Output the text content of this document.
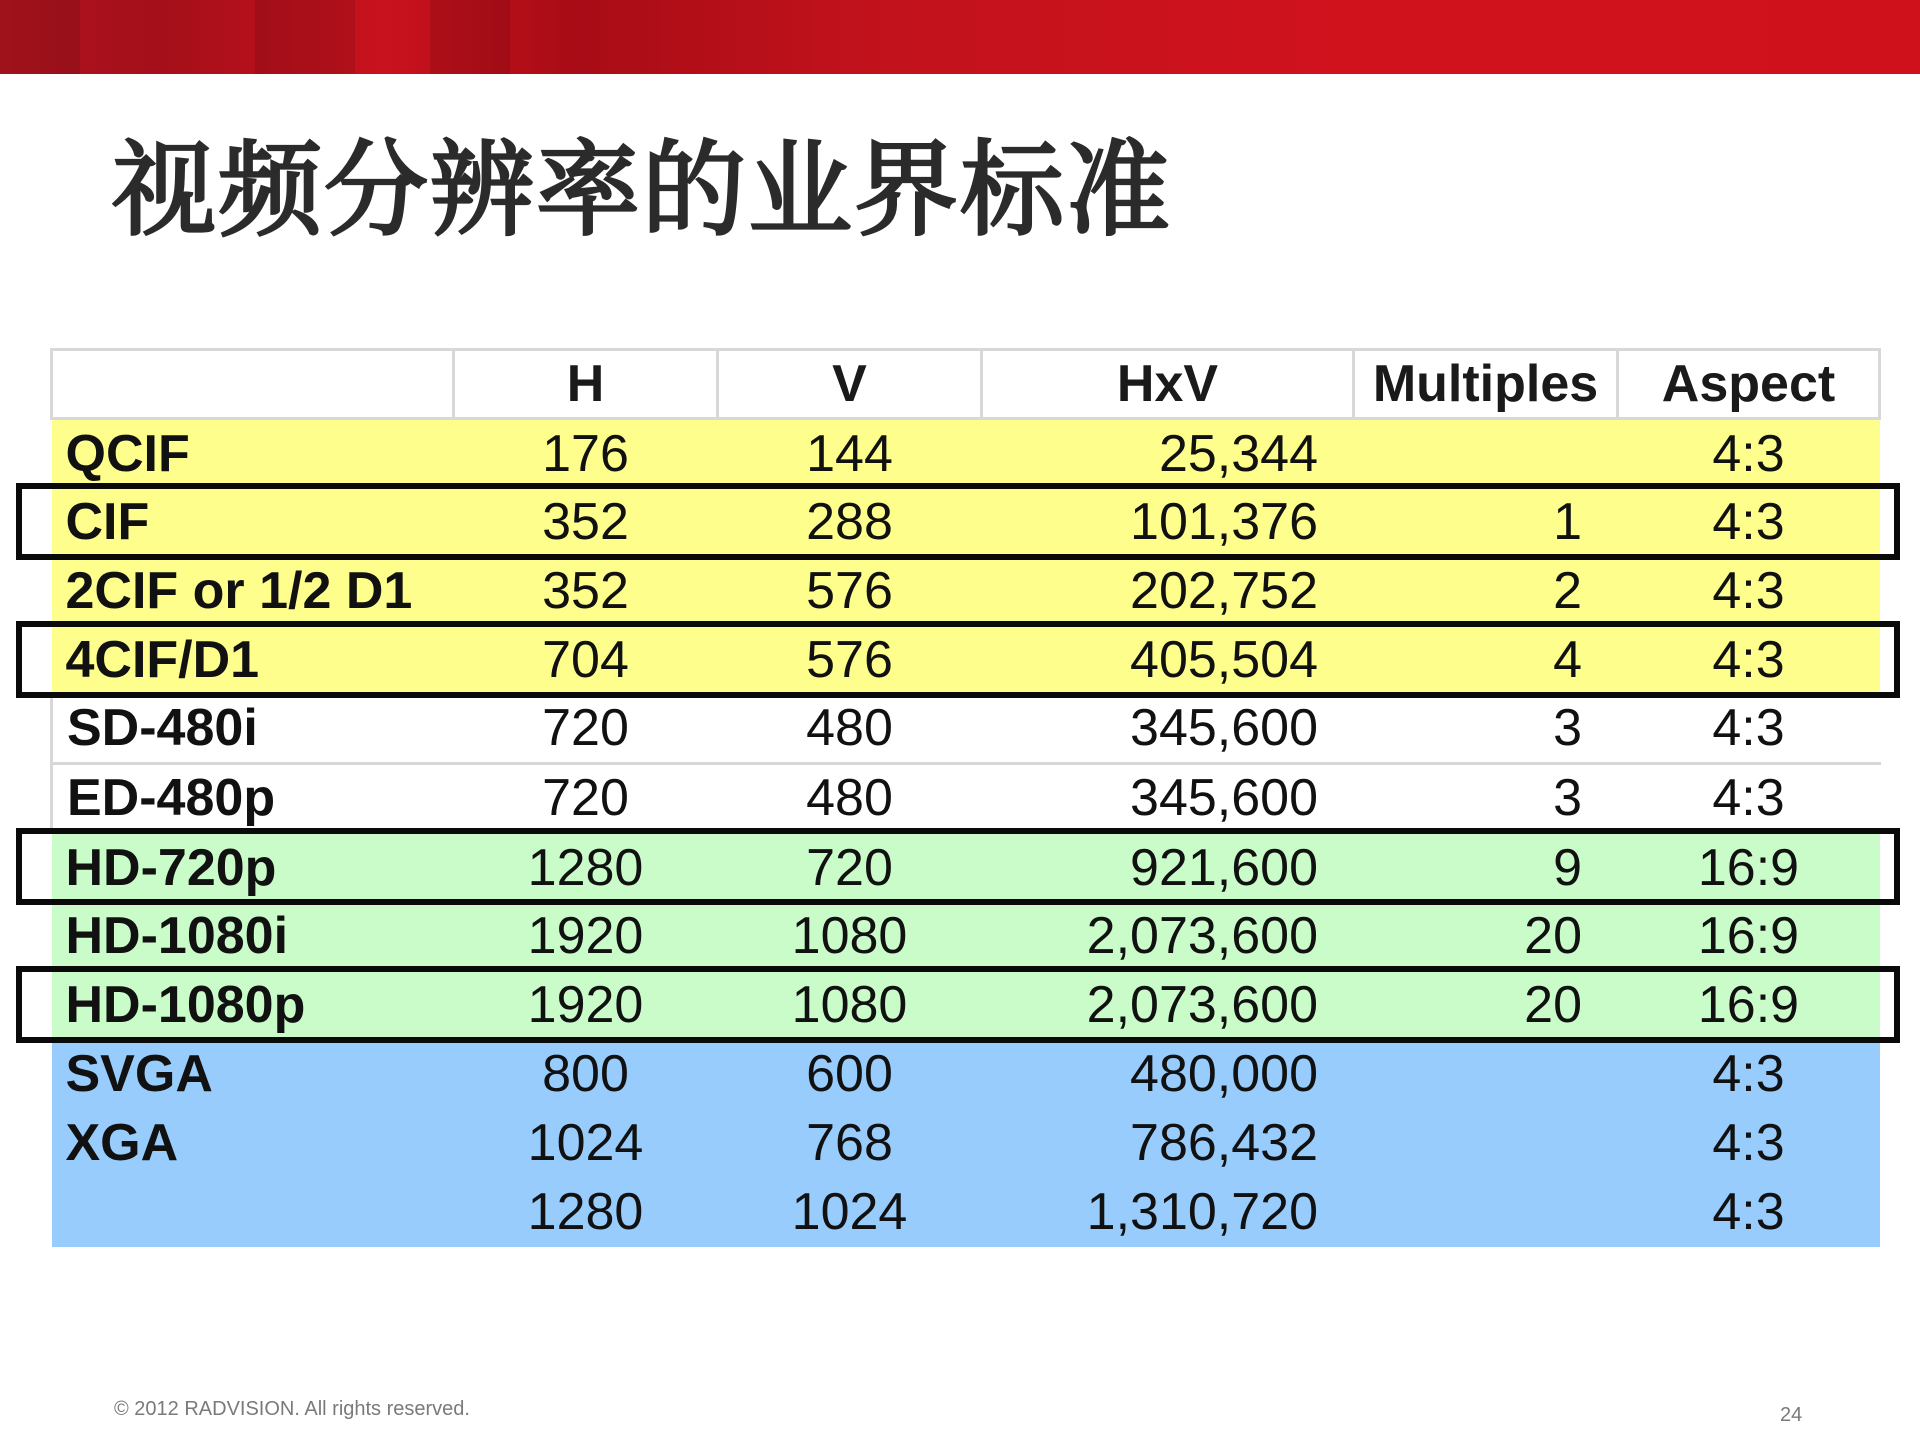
视频分辨率的业界标准
	H	V	HxV	Multiples	Aspect
QCIF	176	144	25,344		4:3
CIF	352	288	101,376	1	4:3
2CIF or 1/2 D1	352	576	202,752	2	4:3
4CIF/D1	704	576	405,504	4	4:3
SD-480i	720	480	345,600	3	4:3
ED-480p	720	480	345,600	3	4:3
HD-720p	1280	720	921,600	9	16:9
HD-1080i	1920	1080	2,073,600	20	16:9
HD-1080p	1920	1080	2,073,600	20	16:9
SVGA	800	600	480,000		4:3
XGA	1024	768	786,432		4:3
	1280	1024	1,310,720		4:3
© 2012 RADVISION. All rights reserved.	24
